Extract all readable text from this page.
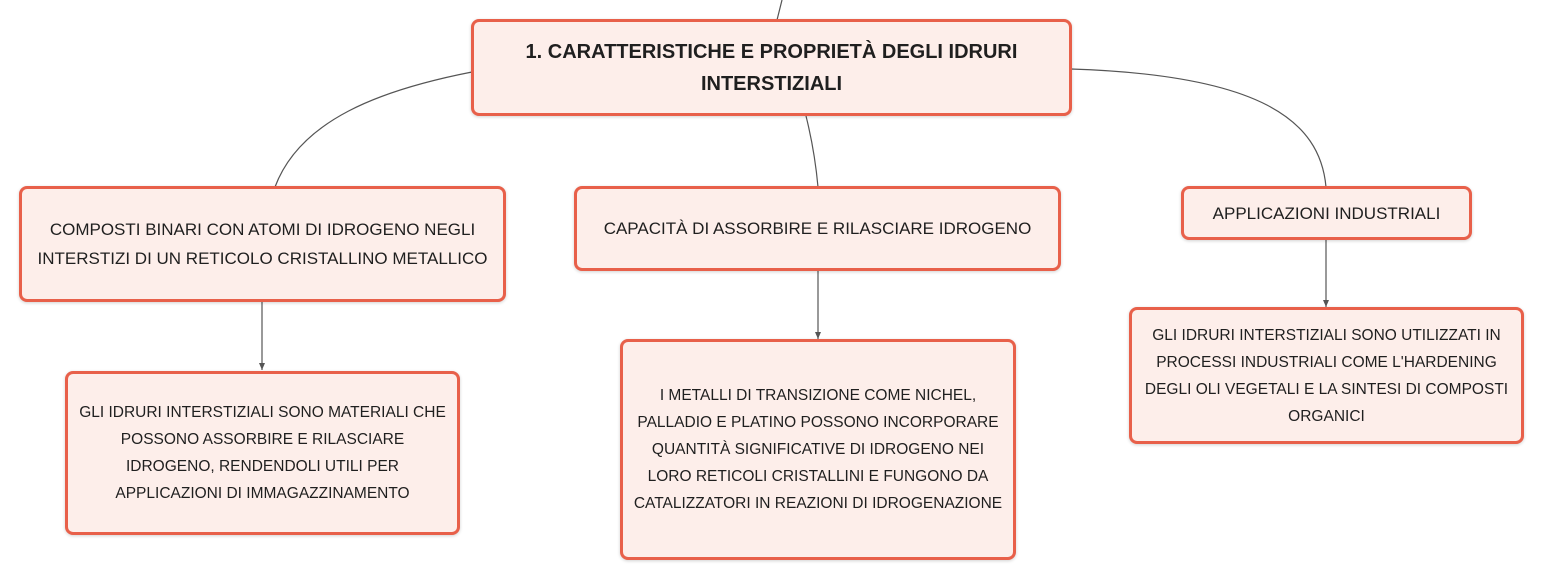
1. CARATTERISTICHE E PROPRIETÀ DEGLI IDRURI INTERSTIZIALI
COMPOSTI BINARI CON ATOMI DI IDROGENO NEGLI INTERSTIZI DI UN RETICOLO CRISTALLINO METALLICO
CAPACITÀ DI ASSORBIRE E RILASCIARE IDROGENO
APPLICAZIONI INDUSTRIALI
GLI IDRURI INTERSTIZIALI SONO MATERIALI CHE POSSONO ASSORBIRE E RILASCIARE IDROGENO, RENDENDOLI UTILI PER APPLICAZIONI DI IMMAGAZZINAMENTO
I METALLI DI TRANSIZIONE COME NICHEL, PALLADIO E PLATINO POSSONO INCORPORARE QUANTITÀ SIGNIFICATIVE DI IDROGENO NEI LORO RETICOLI CRISTALLINI E FUNGONO DA CATALIZZATORI IN REAZIONI DI IDROGENAZIONE
GLI IDRURI INTERSTIZIALI SONO UTILIZZATI IN PROCESSI INDUSTRIALI COME L'HARDENING DEGLI OLI VEGETALI E LA SINTESI DI COMPOSTI ORGANICI
